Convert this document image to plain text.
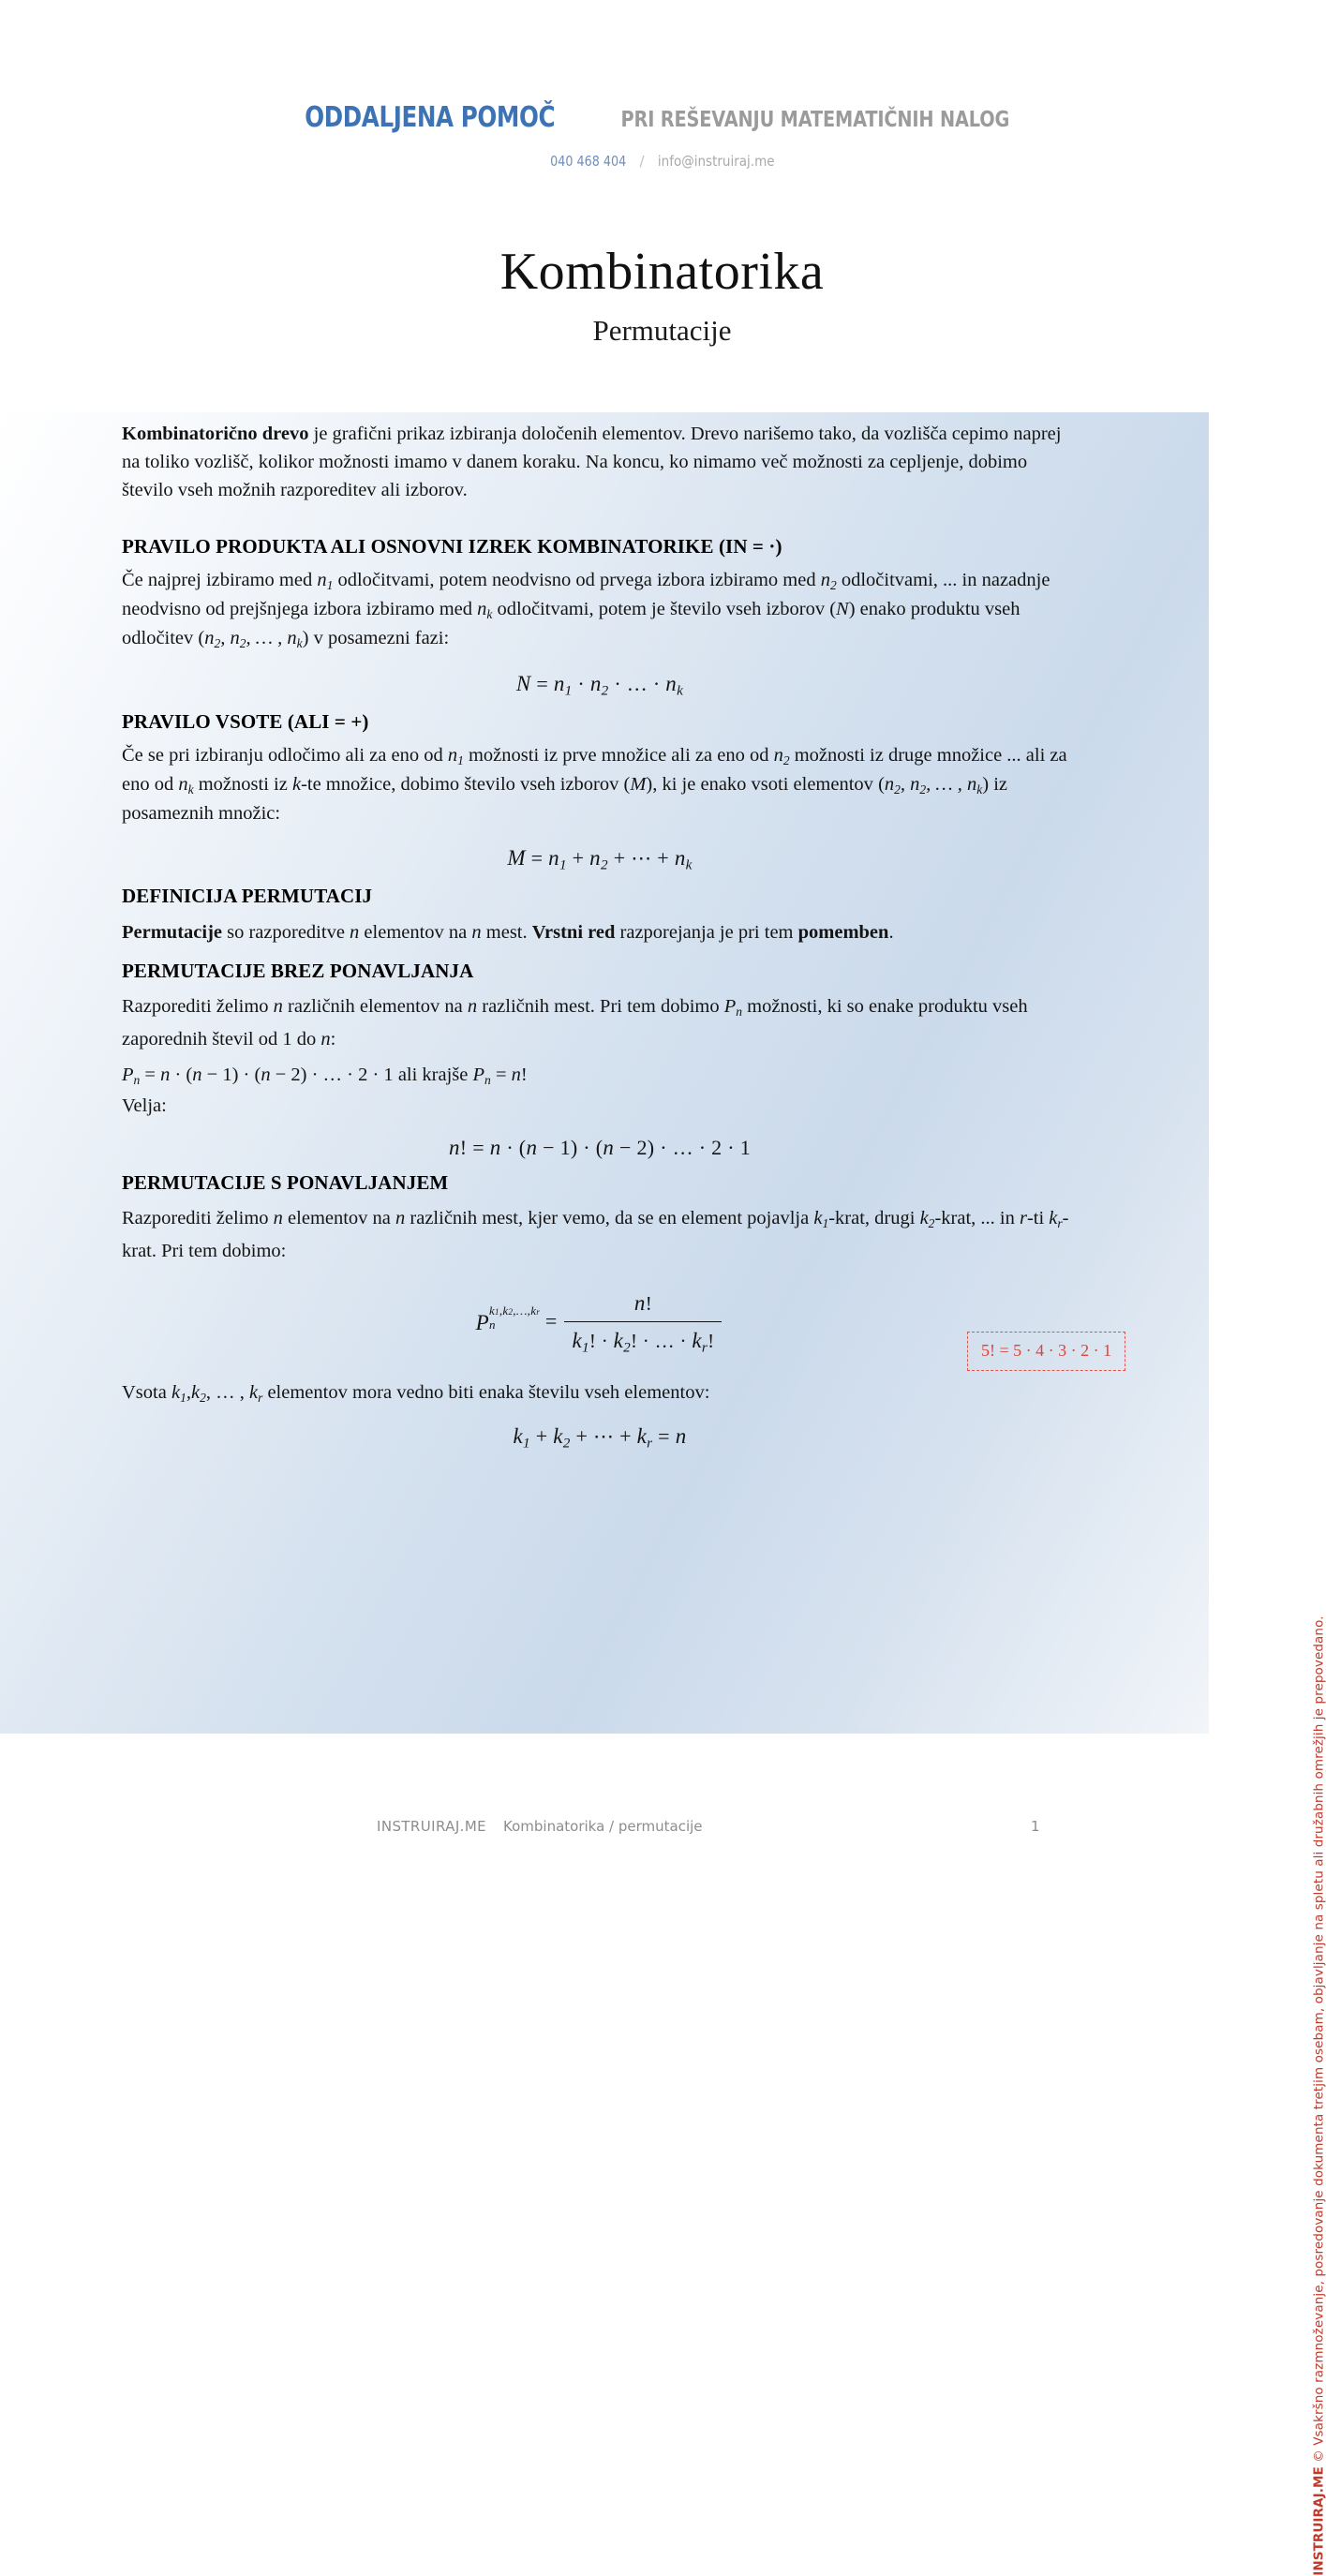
ODDALJENA POMOČ	PRI REŠEVANJU MATEMATIČNIH NALOG
040 468 404 / info@instruiraj.me
Kombinatorika
Permutacije

Kombinatorično drevo je grafični prikaz izbiranja določenih elementov. Drevo narišemo tako, da vozlišča cepimo naprej na toliko vozlišč, kolikor možnosti imamo v danem koraku. Na koncu, ko nimamo več možnosti za cepljenje, dobimo število vseh možnih razporeditev ali izborov.

PRAVILO PRODUKTA ALI OSNOVNI IZREK KOMBINATORIKE (IN = ·)

Če najprej izbiramo med $n_1$ odločitvami, potem neodvisno od prvega izbora izbiramo med $n_2$ odločitvami, ... in nazadnje neodvisno od prejšnjega izbora izbiramo med $n_k$ odločitvami, potem je število vseh izborov (N) enako produktu vseh odločitev ($n_2$, $n_2$, … , $n_k$) v posamezni fazi:

$N = n_1 \cdot n_2$ · … · $n_k$
PRAVILO VSOTE (ALI = +)

Če se pri izbiranju odločimo ali za eno od $n_1$ možnosti iz prve množice ali za eno od $n_2$ možnosti iz druge množice ... ali za eno od $n_k$ možnosti iz k-te množice, dobimo število vseh izborov (M), ki je enako vsoti elementov ($n_2$, $n_2$, … , $n_k$) iz posameznih množic:

$M = n_1 + n_2$ + ⋯ + $n_k$
DEFINICIJA PERMUTACIJ

Permutacije so razporeditve n elementov na n mest. Vrstni red razporejanja je pri tem pomemben.

PERMUTACIJE BREZ PONAVLJANJA

Razporediti želimo n različnih elementov na n različnih mest. Pri tem dobimo $P_n$ možnosti, ki so enake produktu vseh zaporednih števil od 1 do n:

$P_n = n \cdot (n - 1) \cdot (n - 2)$ · … · 2 · 1 ali krajše $P_n = n$!

Velja:

n! = n · (n − 1) · (n − 2) · … · 2 · 1
PERMUTACIJE S PONAVLJANJEM

Razporediti želimo n elementov na n različnih mest, kjer vemo, da se en element pojavlja $k_1$-krat, drugi $k_2$-krat, ... in r-ti $k_r$-krat. Pri tem dobimo:

P k1,k2,…,kr
n	= $\frac{n!}{k_1! \cdot k_2! \cdot \dots \cdot k_r!}$

Vsota $k_1,k_2$, … , $k_r$ elementov mora vedno biti enaka številu vseh elementov:

$k_1 + k_2$ + ⋯ + $k_r = n$
5! = 5 · 4 · 3 · 2 · 1
INSTRUIRAJ.ME © Vsakršno razmnoževanje, posredovanje dokumenta tretjim osebam, objavljanje na spletu ali družabnih omrežjih je prepovedano.
INSTRUIRAJ.ME Kombinatorika / permutacije	1
